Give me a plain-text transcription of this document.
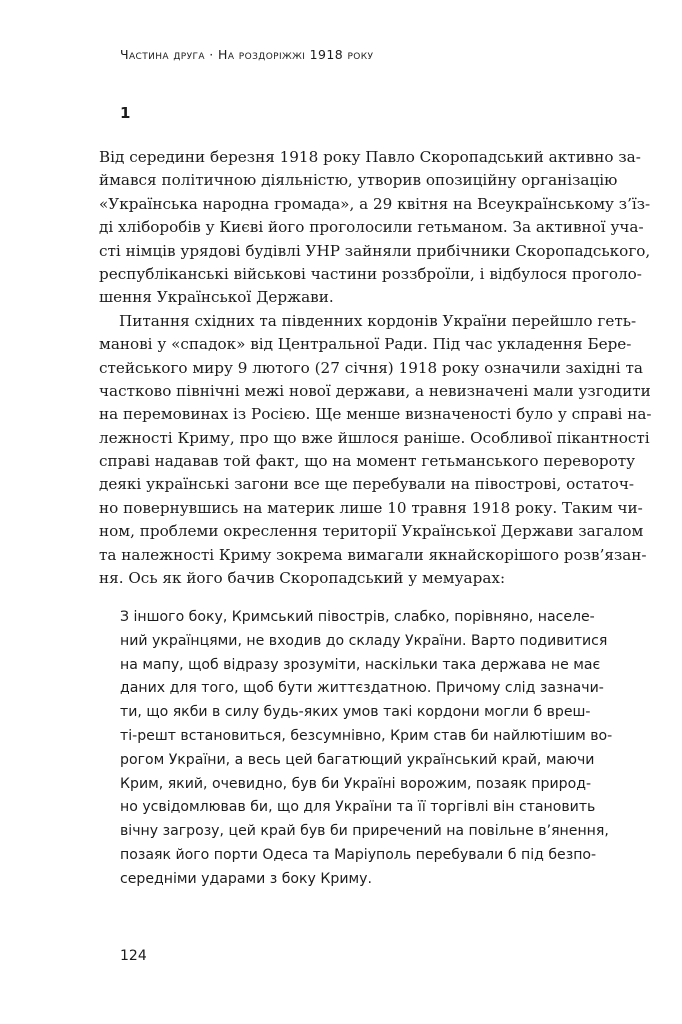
Частина друга · На роздоріжжі 1918 року
1
Від середини березня 1918 року Павло Скоропадський активно за-
ймався політичною діяльністю, утворив опозиційну організацію
«Українська народна громада», а 29 квітня на Всеукраїнському з’їз-
ді хліборобів у Києві його проголосили гетьманом. За активної уча-
сті німців урядові будівлі УНР зайняли прибічники Скоропадського,
республіканські військові частини роззброїли, і відбулося проголо-
шення Української Держави.
Питання східних та південних кордонів України перейшло геть-
манові у «спадок» від Центральної Ради. Під час укладення Бере-
стейського миру 9 лютого (27 січня) 1918 року означили західні та
частково північні межі нової держави, а невизначені мали узгодити
на перемовинах із Росією. Ще менше визначеності було у справі на-
лежності Криму, про що вже йшлося раніше. Особливої пікантності
справі надавав той факт, що на момент гетьманського перевороту
деякі українські загони все ще перебували на півострові, остаточ-
но повернувшись на материк лише 10 травня 1918 року. Таким чи-
ном, проблеми окреслення території Української Держави загалом
та належності Криму зокрема вимагали якнайскорішого розв’язан-
ня. Ось як його бачив Скоропадський у мемуарах:
З іншого боку, Кримський півострів, слабко, порівняно, населе-
ний українцями, не входив до складу України. Варто подивитися
на мапу, щоб відразу зрозуміти, наскільки така держава не має
даних для того, щоб бути життєздатною. Причому слід зазначи-
ти, що якби в силу будь-яких умов такі кордони могли б вреш-
ті-решт встановиться, безсумнівно, Крим став би найлютішим во-
рогом України, а весь цей багатющий український край, маючи
Крим, який, очевидно, був би Україні ворожим, позаяк природ-
но усвідомлював би, що для України та її торгівлі він становить
вічну загрозу, цей край був би приречений на повільне в’янення,
позаяк його порти Одеса та Маріуполь перебували б під безпо-
середніми ударами з боку Криму.
124
